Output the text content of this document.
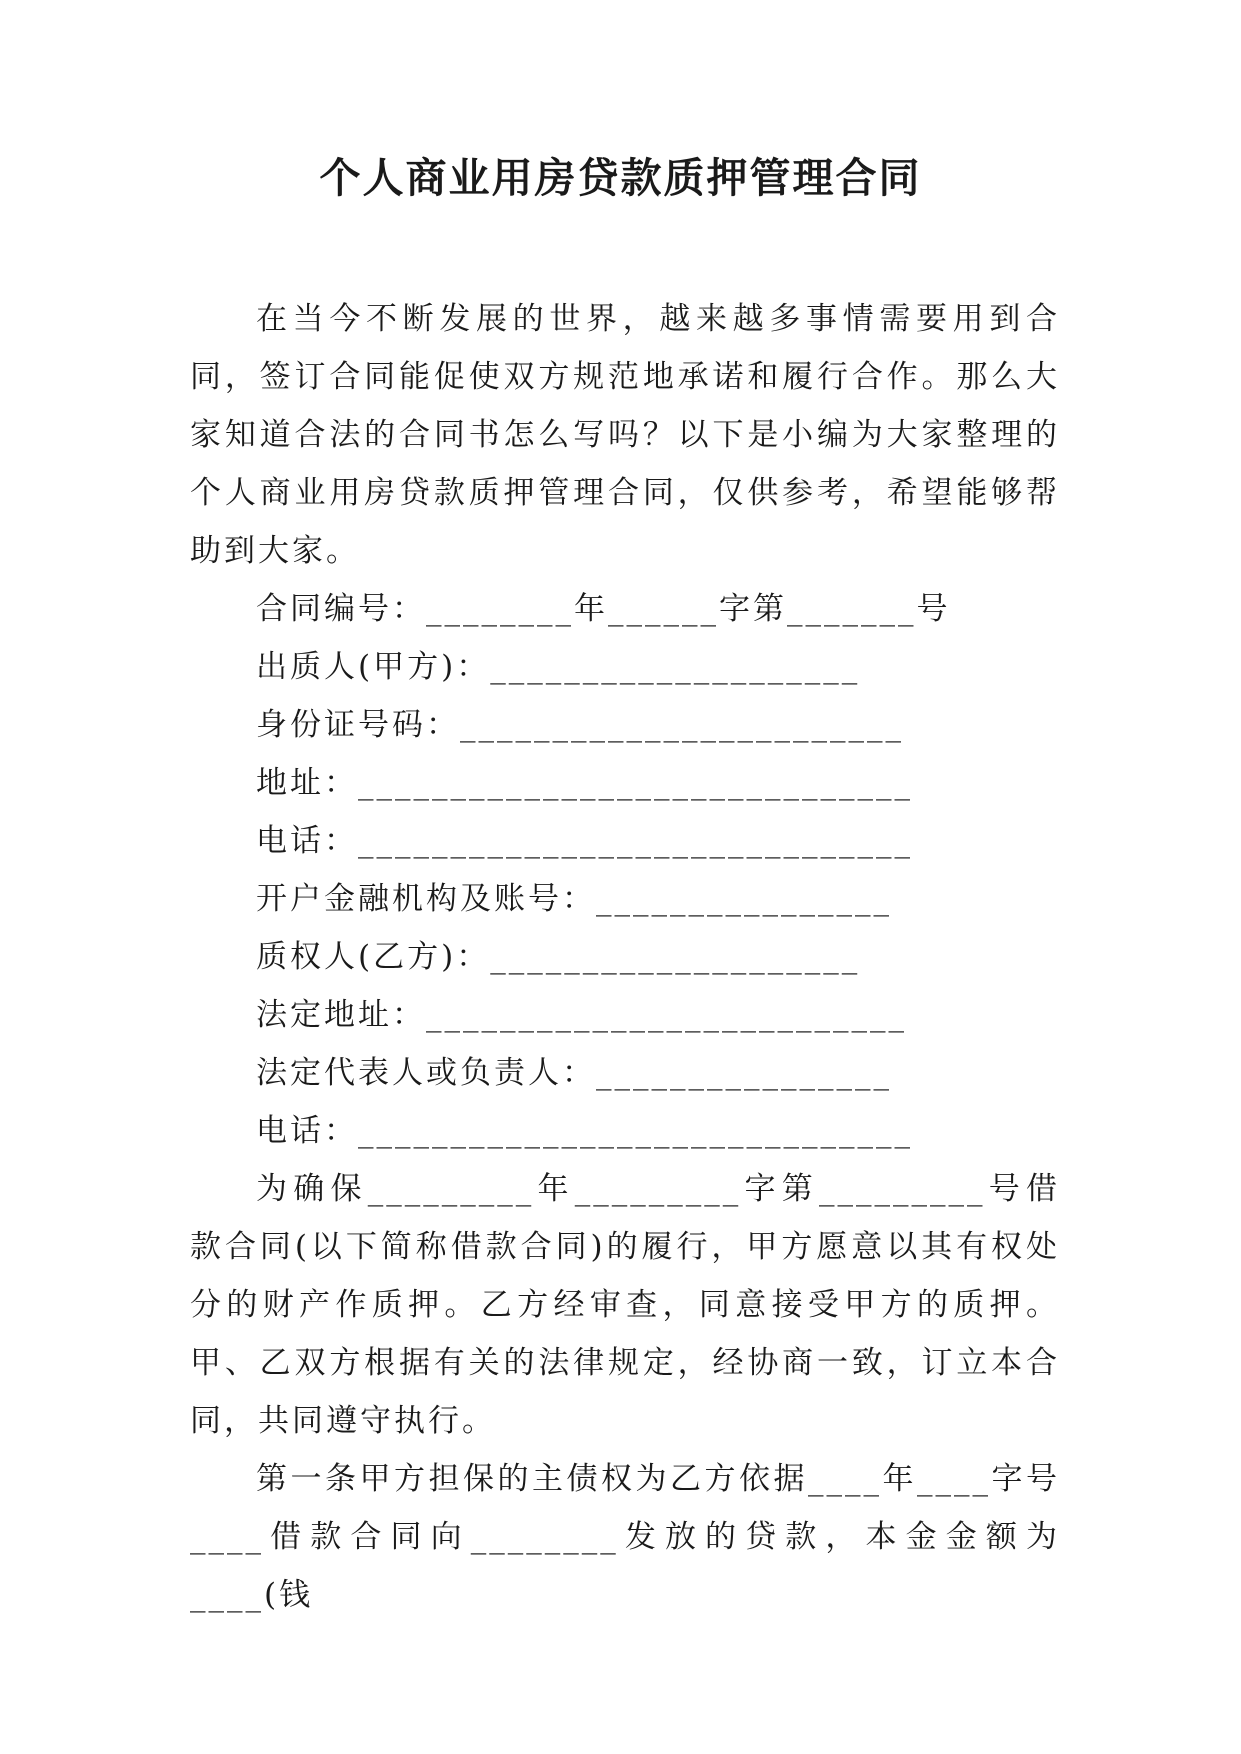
个人商业用房贷款质押管理合同
在当今不断发展的世界，越来越多事情需要用到合同，签订合同能促使双方规范地承诺和履行合作。那么大家知道合法的合同书怎么写吗？以下是小编为大家整理的个人商业用房贷款质押管理合同，仅供参考，希望能够帮助到大家。
合同编号：________年______字第_______号
出质人(甲方)：____________________
身份证号码：________________________
地址：______________________________
电话：______________________________
开户金融机构及账号：________________
质权人(乙方)：____________________
法定地址：__________________________
法定代表人或负责人：________________
电话：______________________________
为确保_________年_________字第_________号借款合同(以下简称借款合同)的履行，甲方愿意以其有权处分的财产作质押。乙方经审查，同意接受甲方的质押。甲、乙双方根据有关的法律规定，经协商一致，订立本合同，共同遵守执行。
第一条甲方担保的主债权为乙方依据____年____字号____借款合同向________发放的贷款，本金金额为____(钱
